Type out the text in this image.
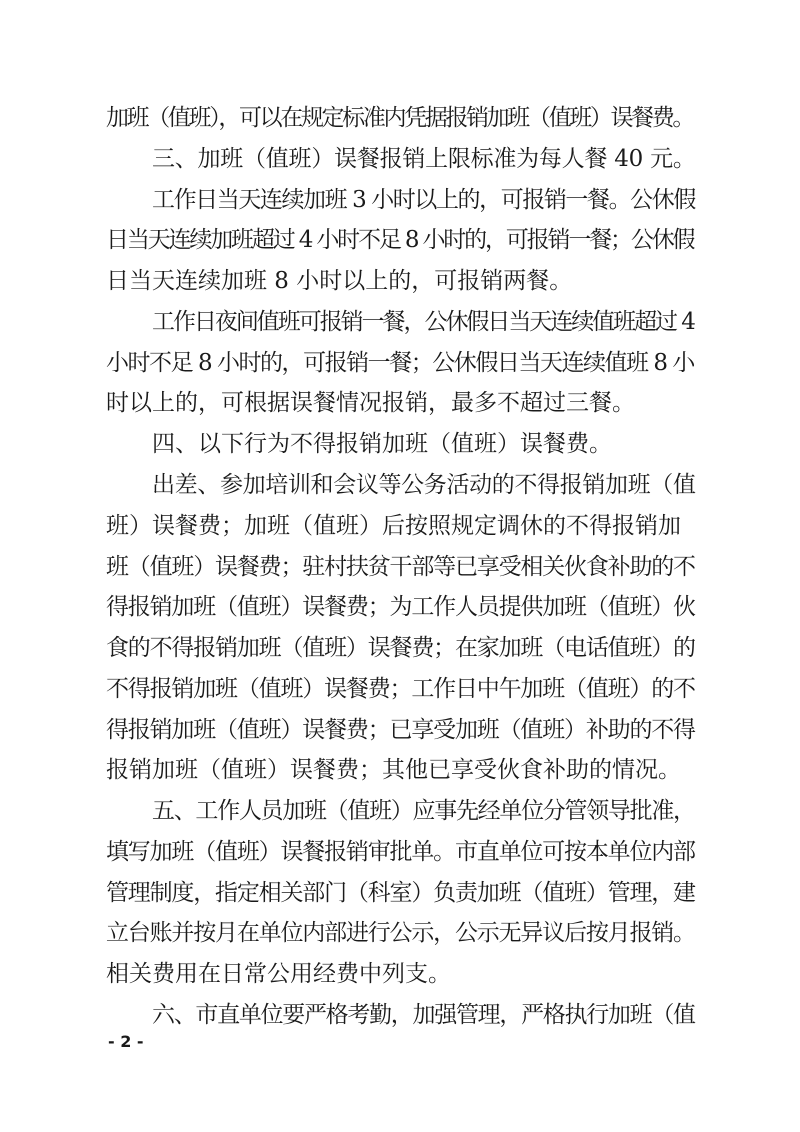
加班（值班），可以在规定标准内凭据报销加班（值班）误餐费。
三、加班（值班）误餐报销上限标准为每人餐 40 元。
工作日当天连续加班 3 小时以上的，可报销一餐。公休假
日当天连续加班超过 4 小时不足 8 小时的，可报销一餐；公休假
日当天连续加班 8 小时以上的，可报销两餐。
工作日夜间值班可报销一餐，公休假日当天连续值班超过 4
小时不足 8 小时的，可报销一餐；公休假日当天连续值班 8 小
时以上的，可根据误餐情况报销，最多不超过三餐。
四、以下行为不得报销加班（值班）误餐费。
出差、参加培训和会议等公务活动的不得报销加班（值
班）误餐费；加班（值班）后按照规定调休的不得报销加
班（值班）误餐费；驻村扶贫干部等已享受相关伙食补助的不
得报销加班（值班）误餐费；为工作人员提供加班（值班）伙
食的不得报销加班（值班）误餐费；在家加班（电话值班）的
不得报销加班（值班）误餐费；工作日中午加班（值班）的不
得报销加班（值班）误餐费；已享受加班（值班）补助的不得
报销加班（值班）误餐费；其他已享受伙食补助的情况。
五、工作人员加班（值班）应事先经单位分管领导批准，
填写加班（值班）误餐报销审批单。市直单位可按本单位内部
管理制度，指定相关部门（科室）负责加班（值班）管理，建
立台账并按月在单位内部进行公示，公示无异议后按月报销。
相关费用在日常公用经费中列支。
六、市直单位要严格考勤，加强管理，严格执行加班（值
- 2 -
